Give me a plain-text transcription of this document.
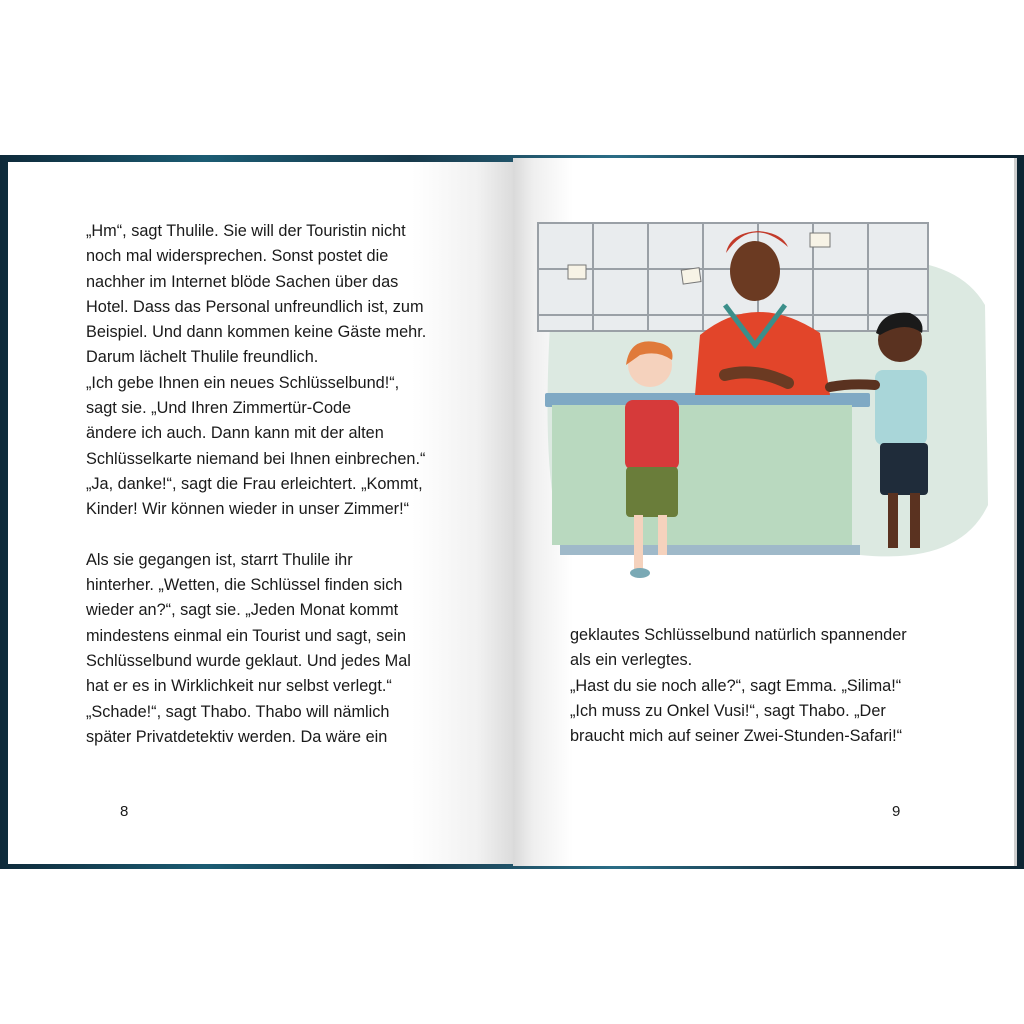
„Hm“, sagt Thulile. Sie will der Touristin nicht

noch mal widersprechen. Sonst postet die

nachher im Internet blöde Sachen über das

Hotel. Dass das Personal unfreundlich ist, zum

Beispiel. Und dann kommen keine Gäste mehr.

Darum lächelt Thulile freundlich.

„Ich gebe Ihnen ein neues Schlüsselbund!“,

sagt sie. „Und Ihren Zimmertür-Code

ändere ich auch. Dann kann mit der alten

Schlüsselkarte niemand bei Ihnen einbrechen.“

„Ja, danke!“, sagt die Frau erleichtert. „Kommt,

Kinder! Wir können wieder in unser Zimmer!“

Als sie gegangen ist, starrt Thulile ihr

hinterher. „Wetten, die Schlüssel finden sich

wieder an?“, sagt sie. „Jeden Monat kommt

mindestens einmal ein Tourist und sagt, sein

Schlüsselbund wurde geklaut. Und jedes Mal

hat er es in Wirklichkeit nur selbst verlegt.“

„Schade!“, sagt Thabo. Thabo will nämlich

später Privatdetektiv werden. Da wäre ein

8

geklautes Schlüsselbund natürlich spannender

als ein verlegtes.

„Hast du sie noch alle?“, sagt Emma. „Silima!“

„Ich muss zu Onkel Vusi!“, sagt Thabo. „Der

braucht mich auf seiner Zwei-Stunden-Safari!“

9
